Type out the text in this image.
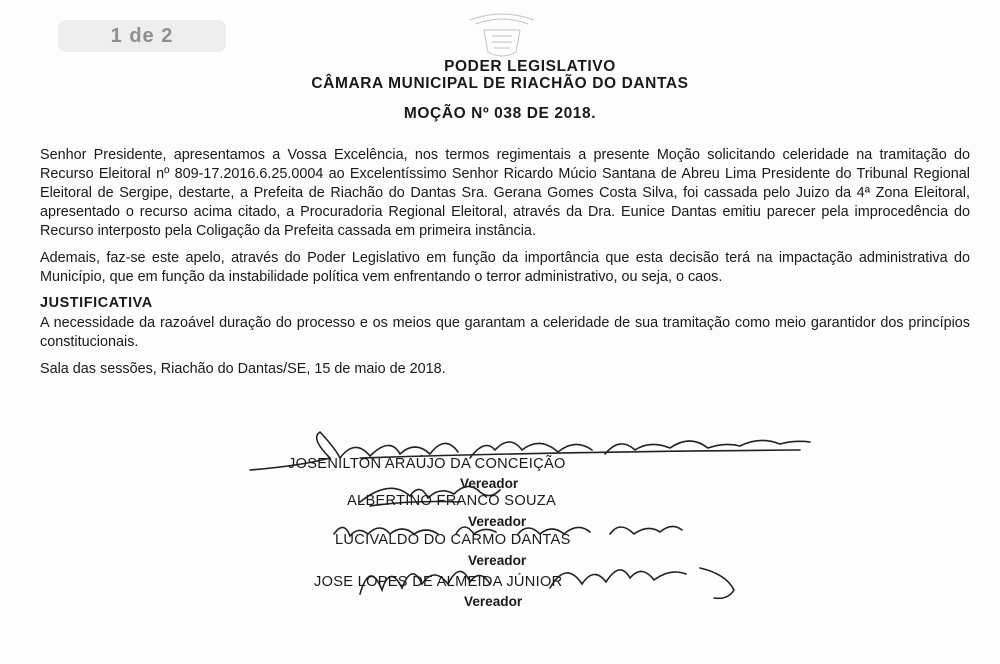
1 de 2
PODER LEGISLATIVO
CÂMARA MUNICIPAL DE RIACHÃO DO DANTAS
MOÇÃO Nº 038 DE 2018.

Senhor Presidente, apresentamos a Vossa Excelência, nos termos regimentais a presente Moção solicitando celeridade na tramitação do Recurso Eleitoral nº 809-17.2016.6.25.0004 ao Excelentíssimo Senhor Ricardo Múcio Santana de Abreu Lima Presidente do Tribunal Regional Eleitoral de Sergipe, destarte, a Prefeita de Riachão do Dantas Sra. Gerana Gomes Costa Silva, foi cassada pelo Juizo da 4ª Zona Eleitoral, apresentado o recurso acima citado, a Procuradoria Regional Eleitoral, através da Dra. Eunice Dantas emitiu parecer pela improcedência do Recurso interposto pela Coligação da Prefeita cassada em primeira instância.

Ademais, faz-se este apelo, através do Poder Legislativo em função da importância que esta decisão terá na impactação administrativa do Município, que em função da instabilidade política vem enfrentando o terror administrativo, ou seja, o caos.

JUSTIFICATIVA

A necessidade da razoável duração do processo e os meios que garantam a celeridade de sua tramitação como meio garantidor dos princípios constitucionais.

Sala das sessões, Riachão do Dantas/SE, 15 de maio de 2018.

JOSENILTON ARAÚJO DA CONCEIÇÃO
Vereador
ALBERTINO FRANCO SOUZA
Vereador
LUCIVALDO DO CARMO DANTAS
Vereador
JOSE LOPES DE ALMEIDA JÚNIOR
Vereador
